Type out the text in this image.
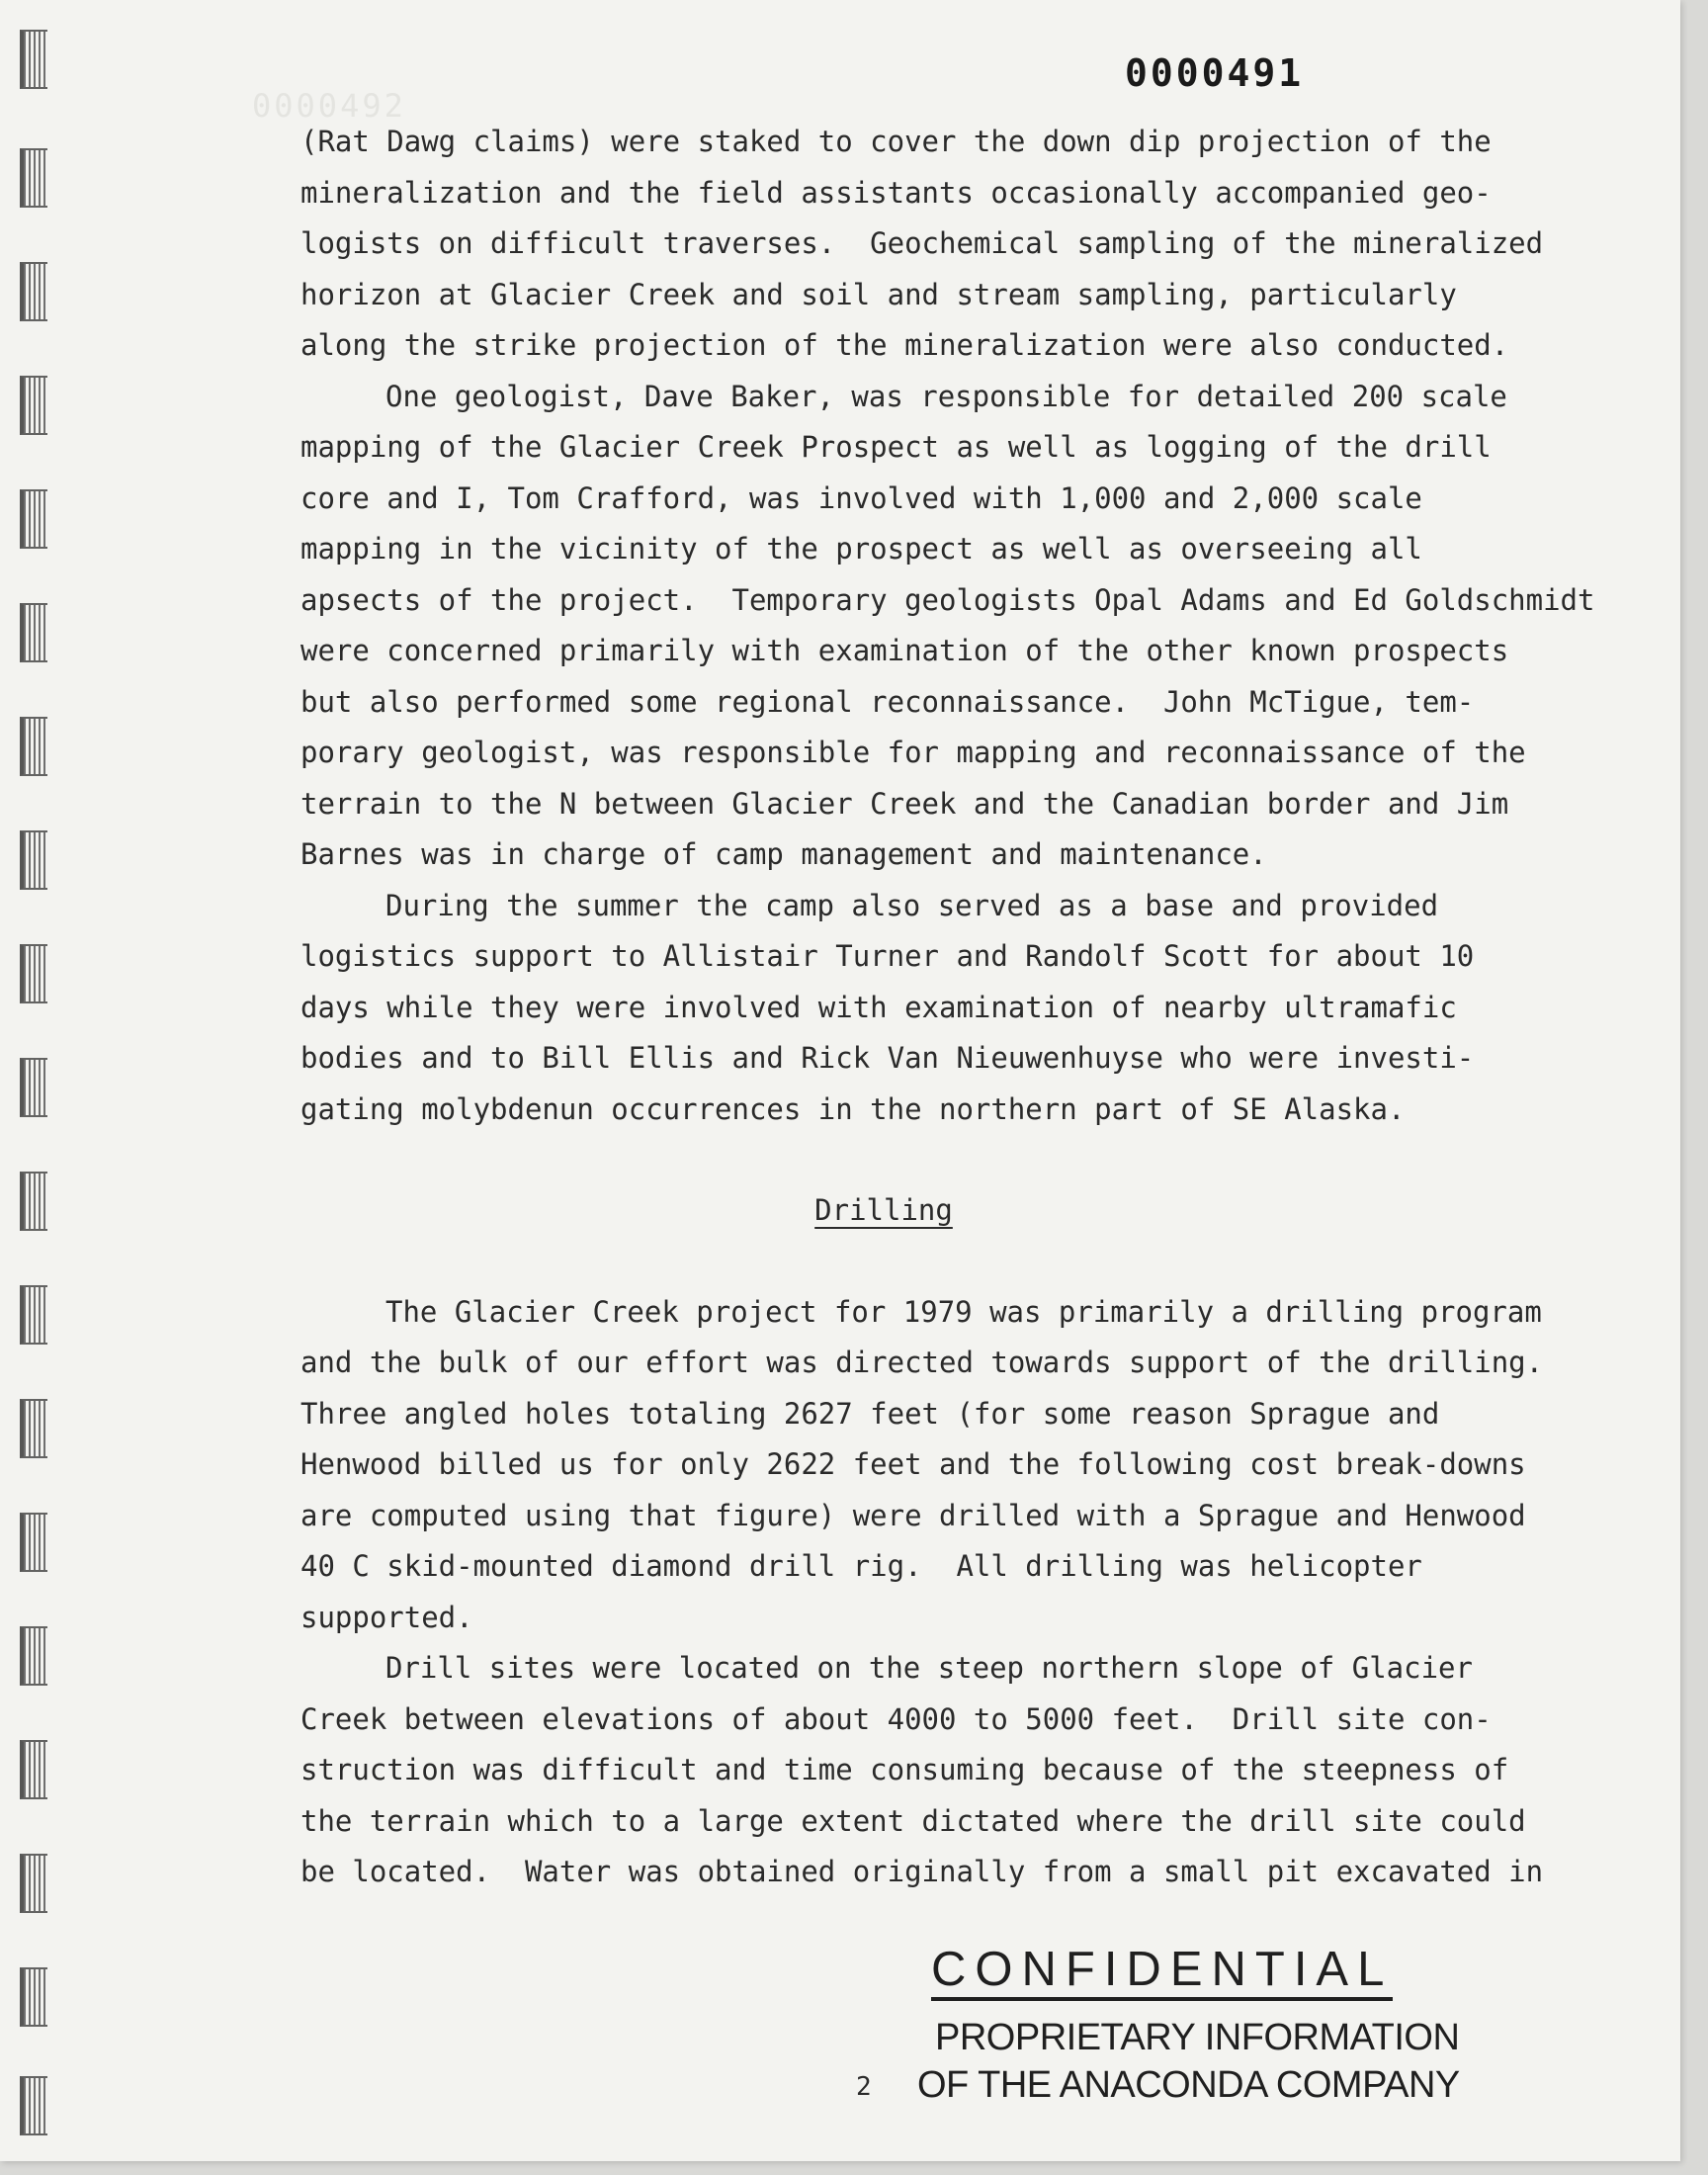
0000492
0000491
(Rat Dawg claims) were staked to cover the down dip projection of the
mineralization and the field assistants occasionally accompanied geo-
logists on difficult traverses.  Geochemical sampling of the mineralized
horizon at Glacier Creek and soil and stream sampling, particularly
along the strike projection of the mineralization were also conducted.
One geologist, Dave Baker, was responsible for detailed 200 scale
mapping of the Glacier Creek Prospect as well as logging of the drill
core and I, Tom Crafford, was involved with 1,000 and 2,000 scale
mapping in the vicinity of the prospect as well as overseeing all
apsects of the project.  Temporary geologists Opal Adams and Ed Goldschmidt
were concerned primarily with examination of the other known prospects
but also performed some regional reconnaissance.  John McTigue, tem-
porary geologist, was responsible for mapping and reconnaissance of the
terrain to the N between Glacier Creek and the Canadian border and Jim
Barnes was in charge of camp management and maintenance.
During the summer the camp also served as a base and provided
logistics support to Allistair Turner and Randolf Scott for about 10
days while they were involved with examination of nearby ultramafic
bodies and to Bill Ellis and Rick Van Nieuwenhuyse who were investi-
gating molybdenun occurrences in the northern part of SE Alaska.
Drilling
The Glacier Creek project for 1979 was primarily a drilling program
and the bulk of our effort was directed towards support of the drilling.
Three angled holes totaling 2627 feet (for some reason Sprague and
Henwood billed us for only 2622 feet and the following cost break-downs
are computed using that figure) were drilled with a Sprague and Henwood
40 C skid-mounted diamond drill rig.  All drilling was helicopter
supported.
Drill sites were located on the steep northern slope of Glacier
Creek between elevations of about 4000 to 5000 feet.  Drill site con-
struction was difficult and time consuming because of the steepness of
the terrain which to a large extent dictated where the drill site could
be located.  Water was obtained originally from a small pit excavated in
CONFIDENTIAL
PROPRIETARY INFORMATION
2 OF THE ANACONDA COMPANY
